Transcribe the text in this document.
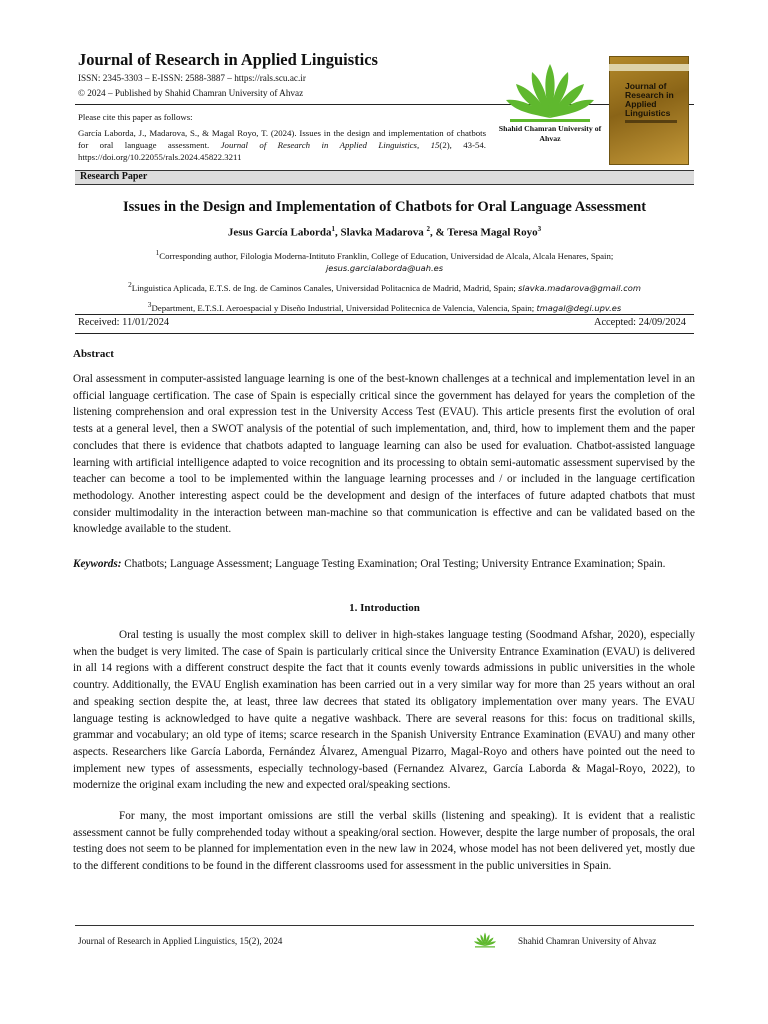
Journal of Research in Applied Linguistics
ISSN: 2345-3303 – E-ISSN: 2588-3887 – https://rals.scu.ac.ir
© 2024 – Published by Shahid Chamran University of Ahvaz
Please cite this paper as follows:
García Laborda, J., Madarova, S., & Magal Royo, T. (2024). Issues in the design and implementation of chatbots for oral language assessment. Journal of Research in Applied Linguistics, 15(2), 43-54. https://doi.org/10.22055/rals.2024.45822.3211
Shahid Chamran University of Ahvaz
Journal of Research in Applied Linguistics
Research Paper
Issues in the Design and Implementation of Chatbots for Oral Language Assessment
Jesus García Laborda$^1$, Slavka Madarova $^2$, & Teresa Magal Royo$^3$
$^1$Corresponding author, Filologia Moderna-Intituto Franklin, College of Education, Universidad de Alcala, Alcala Henares, Spain;
jesus.garcialaborda@uah.es
$^2$Linguistica Aplicada, E.T.S. de Ing. de Caminos Canales, Universidad Politacnica de Madrid, Madrid, Spain; slavka.madarova@gmail.com
$^3$Department, E.T.S.I. Aeroespacial y Diseño Industrial, Universidad Politecnica de Valencia, Valencia, Spain; tmagal@degi.upv.es
Received: 11/01/2024	Accepted: 24/09/2024
Abstract
Oral assessment in computer-assisted language learning is one of the best-known challenges at a technical and implementation level in an official language certification. The case of Spain is especially critical since the government has delayed for years the completion of the listening comprehension and oral expression test in the University Access Test (EVAU). This article presents first the evolution of oral tests at a general level, then a SWOT analysis of the potential of such implementation, and, third, how to implement them and the paper concludes that there is evidence that chatbots adapted to language learning can also be used for evaluation. Chatbot-assisted language learning with artificial intelligence adapted to voice recognition and its processing to obtain semi-automatic assessment supervised by the teacher can become a tool to be implemented within the language learning processes and / or included in the language certification methodology. Another interesting aspect could be the development and design of the interfaces of future adapted chatbots that must consider multimodality in the interaction between man-machine so that communication is effective and can be validated based on the knowledge available to the student.
Keywords: Chatbots; Language Assessment; Language Testing Examination; Oral Testing; University Entrance Examination; Spain.
1. Introduction
Oral testing is usually the most complex skill to deliver in high-stakes language testing (Soodmand Afshar, 2020), especially when the budget is very limited. The case of Spain is particularly critical since the University Entrance Examination (EVAU) is delivered in all 14 regions with a different construct despite the fact that it counts evenly towards admissions in public universities in the whole country. Additionally, the EVAU English examination has been carried out in a very similar way for more than 25 years without an oral and speaking section despite the, at least, three law decrees that stated its obligatory implementation over many years. The EVAU language testing is acknowledged to have quite a negative washback. There are several reasons for this: focus on traditional skills, grammar and vocabulary; an old type of items; scarce research in the Spanish University Entrance Examination (EVAU) and many other aspects. Researchers like García Laborda, Fernández Álvarez, Amengual Pizarro, Magal-Royo and others have pointed out the need to implement new types of assessments, especially technology-based (Fernandez Alvarez, García Laborda & Magal-Royo, 2022), to modernize the original exam including the new and expected oral/speaking sections.
For many, the most important omissions are still the verbal skills (listening and speaking). It is evident that a realistic assessment cannot be fully comprehended today without a speaking/oral section. However, despite the large number of proposals, the oral testing does not seem to be planned for implementation even in the new law in 2024, whose model has not been delivered yet, mostly due to the different conditions to be found in the different classrooms used for assessment in the public universities in Spain.
Journal of Research in Applied Linguistics, 15(2), 2024	Shahid Chamran University of Ahvaz
